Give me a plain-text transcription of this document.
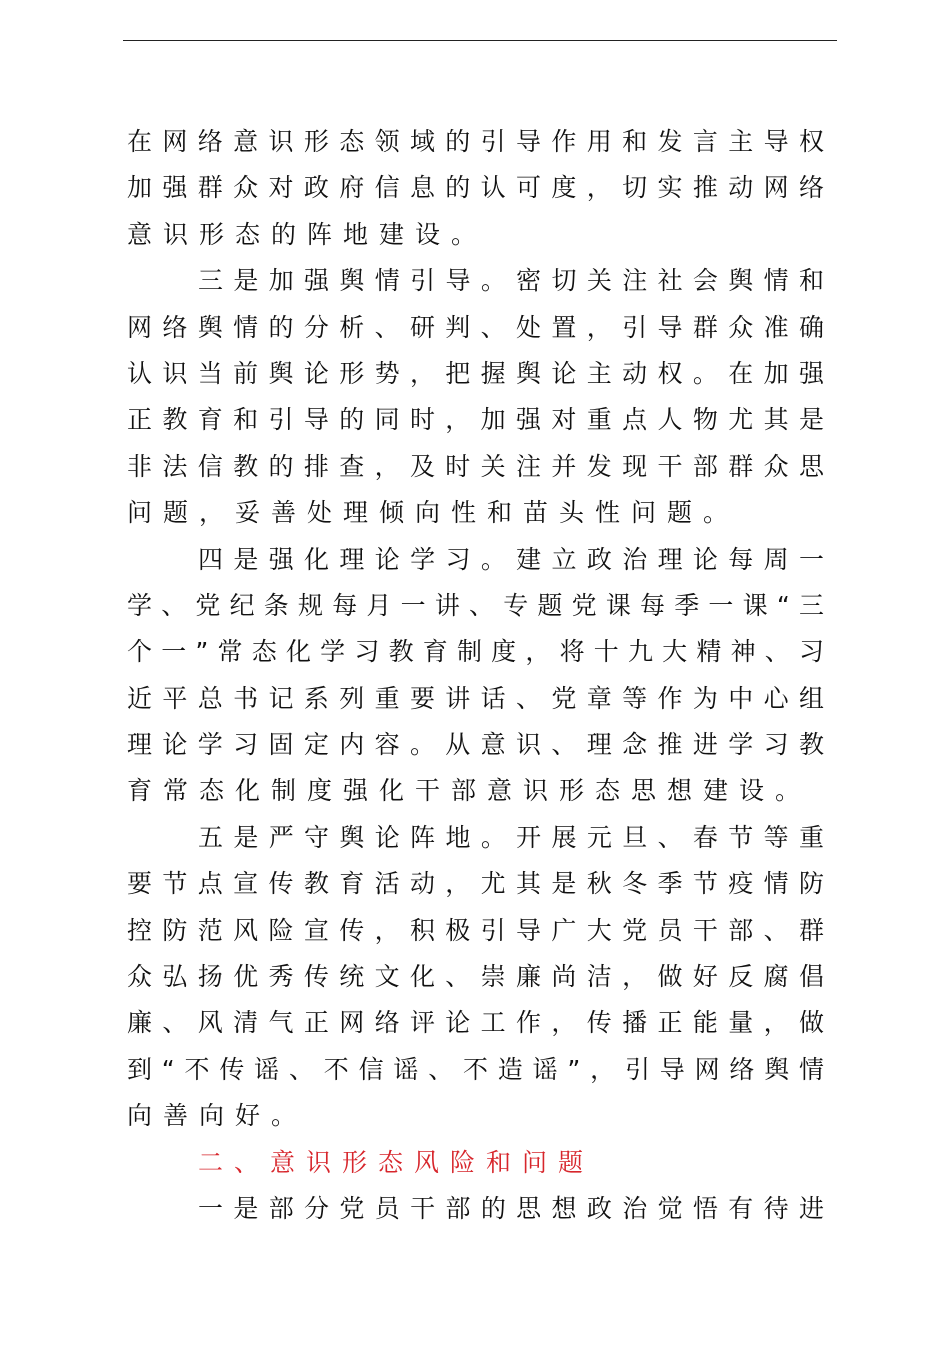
在网络意识形态领域的引导作用和发言主导权
加强群众对政府信息的认可度，切实推动网络
意识形态的阵地建设。
三是加强舆情引导。密切关注社会舆情和
网络舆情的分析、研判、处置，引导群众准确
认识当前舆论形势，把握舆论主动权。在加强
正教育和引导的同时，加强对重点人物尤其是
非法信教的排查，及时关注并发现干部群众思
问题，妥善处理倾向性和苗头性问题。
四是强化理论学习。建立政治理论每周一
学、党纪条规每月一讲、专题党课每季一课“三
个一”常态化学习教育制度，将十九大精神、习
近平总书记系列重要讲话、党章等作为中心组
理论学习固定内容。从意识、理念推进学习教
育常态化制度强化干部意识形态思想建设。
五是严守舆论阵地。开展元旦、春节等重
要节点宣传教育活动，尤其是秋冬季节疫情防
控防范风险宣传，积极引导广大党员干部、群
众弘扬优秀传统文化、崇廉尚洁，做好反腐倡
廉、风清气正网络评论工作，传播正能量，做
到“不传谣、不信谣、不造谣”，引导网络舆情
向善向好。
二、意识形态风险和问题
一是部分党员干部的思想政治觉悟有待进
